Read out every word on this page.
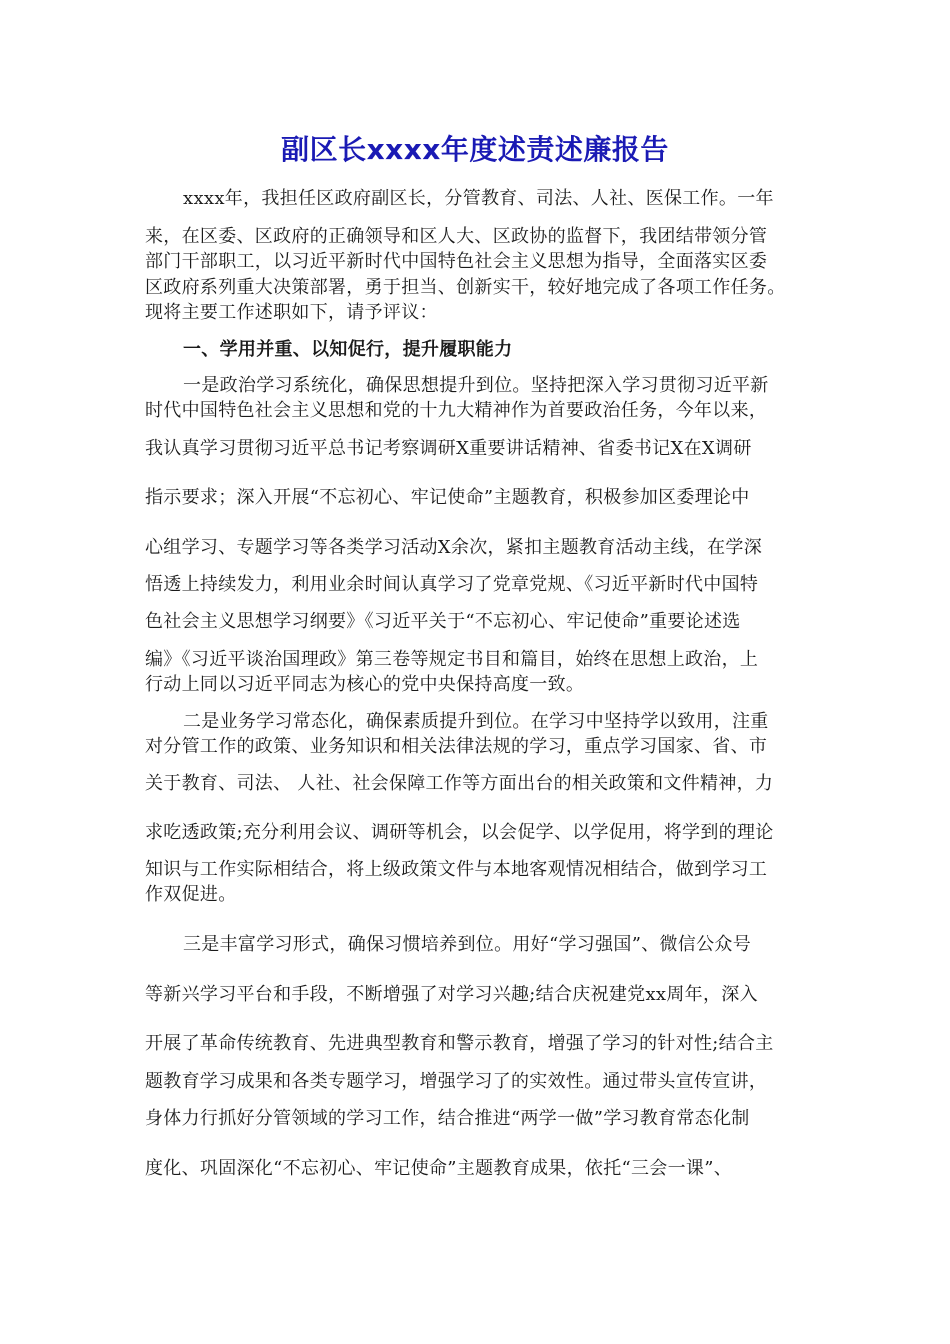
副区长xxxx年度述责述廉报告
xxxx年，我担任区政府副区长，分管教育、司法、人社、医保工作。一年
来，在区委、区政府的正确领导和区人大、区政协的监督下，我团结带领分管
部门干部职工，以习近平新时代中国特色社会主义思想为指导，全面落实区委
区政府系列重大决策部署，勇于担当、创新实干，较好地完成了各项工作任务。
现将主要工作述职如下，请予评议：
一、学用并重、以知促行，提升履职能力
一是政治学习系统化，确保思想提升到位。坚持把深入学习贯彻习近平新
时代中国特色社会主义思想和党的十九大精神作为首要政治任务，今年以来，
我认真学习贯彻习近平总书记考察调研X重要讲话精神、省委书记X在X调研
指示要求；深入开展“不忘初心、牢记使命”主题教育，积极参加区委理论中
心组学习、专题学习等各类学习活动X余次，紧扣主题教育活动主线，在学深
悟透上持续发力，利用业余时间认真学习了党章党规、《习近平新时代中国特
色社会主义思想学习纲要》《习近平关于“不忘初心、牢记使命”重要论述选
编》《习近平谈治国理政》第三卷等规定书目和篇目，始终在思想上政治，上
行动上同以习近平同志为核心的党中央保持高度一致。
二是业务学习常态化，确保素质提升到位。在学习中坚持学以致用，注重
对分管工作的政策、业务知识和相关法律法规的学习，重点学习国家、省、市
关于教育、司法、 人社、社会保障工作等方面出台的相关政策和文件精神，力
求吃透政策;充分利用会议、调研等机会，以会促学、以学促用，将学到的理论
知识与工作实际相结合，将上级政策文件与本地客观情况相结合，做到学习工
作双促进。
三是丰富学习形式，确保习惯培养到位。用好“学习强国”、微信公众号
等新兴学习平台和手段，不断增强了对学习兴趣;结合庆祝建党xx周年，深入
开展了革命传统教育、先进典型教育和警示教育，增强了学习的针对性;结合主
题教育学习成果和各类专题学习，增强学习了的实效性。通过带头宣传宣讲，
身体力行抓好分管领域的学习工作，结合推进“两学一做”学习教育常态化制
度化、巩固深化“不忘初心、牢记使命”主题教育成果，依托“三会一课”、
